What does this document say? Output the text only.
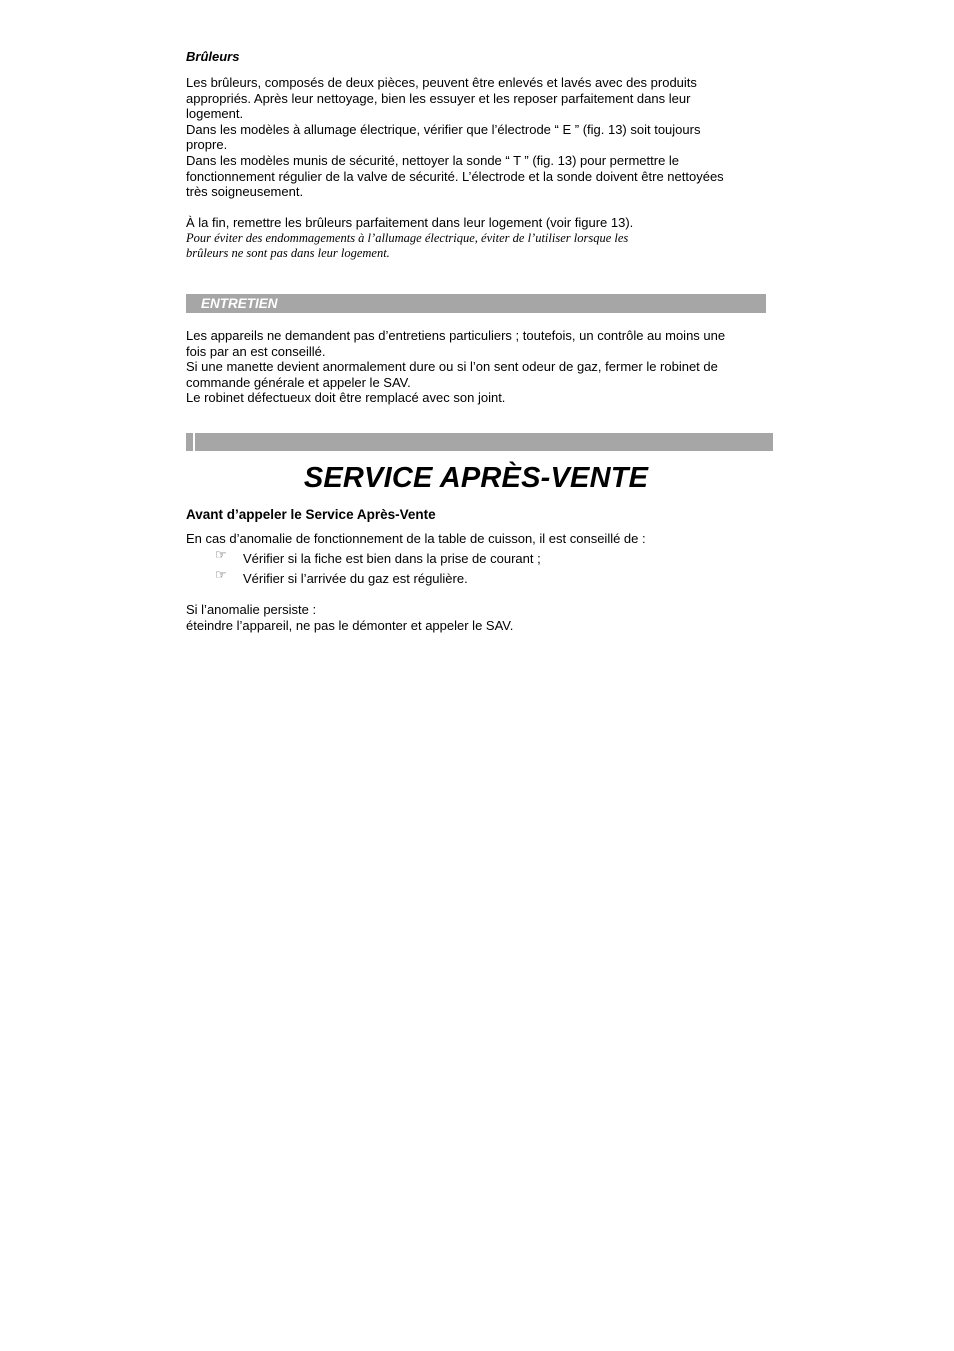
Brûleurs

Les brûleurs, composés de deux pièces, peuvent être enlevés et lavés avec des produits

appropriés. Après leur nettoyage, bien les essuyer et les reposer parfaitement dans leur

logement.

Dans les modèles à allumage électrique, vérifier que l’électrode “ E ” (fig. 13) soit toujours

propre.

Dans les modèles munis de sécurité, nettoyer la sonde “ T ” (fig. 13) pour permettre le

fonctionnement régulier de la valve de sécurité. L’électrode et la sonde doivent être nettoyées

très soigneusement.

À la fin, remettre les brûleurs parfaitement dans leur logement (voir figure 13).

Pour éviter des endommagements à l’allumage électrique, éviter de l’utiliser lorsque les

brûleurs ne sont pas dans leur logement.

ENTRETIEN

Les appareils ne demandent pas d’entretiens particuliers ; toutefois, un contrôle au moins une

fois par an est conseillé.

Si une manette devient anormalement dure ou si l’on sent odeur de gaz, fermer le robinet de

commande générale et appeler le SAV.

Le robinet défectueux doit être remplacé avec son joint.

SERVICE APRÈS-VENTE
Avant d’appeler le Service Après-Vente

En cas d’anomalie de fonctionnement de la table de cuisson, il est conseillé de :

☞ Vérifier si la fiche est bien dans la prise de courant ;
☞ Vérifier si l’arrivée du gaz est régulière.

Si l’anomalie persiste :

éteindre l’appareil, ne pas le démonter et appeler le SAV.
